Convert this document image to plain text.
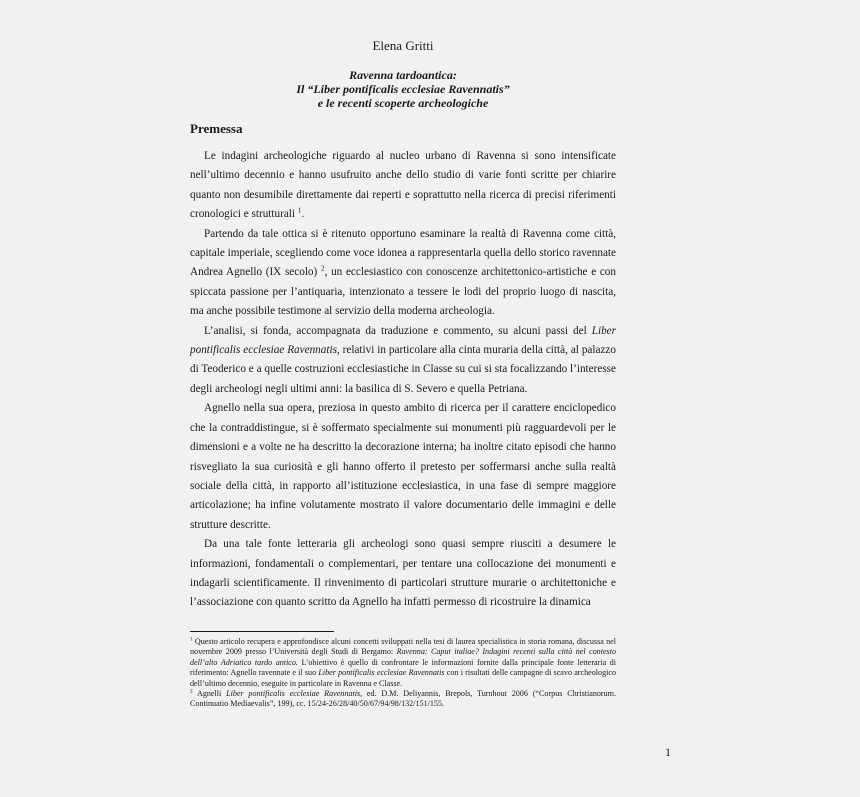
Elena Gritti
Ravenna tardoantica:
Il “Liber pontificalis ecclesiae Ravennatis”
e le recenti scoperte archeologiche
Premessa

Le indagini archeologiche riguardo al nucleo urbano di Ravenna si sono intensificate nell’ultimo decennio e hanno usufruito anche dello studio di varie fonti scritte per chiarire quanto non desumibile direttamente dai reperti e soprattutto nella ricerca di precisi riferimenti cronologici e strutturali $^1$.

Partendo da tale ottica si è ritenuto opportuno esaminare la realtà di Ravenna come città, capitale imperiale, scegliendo come voce idonea a rappresentarla quella dello storico ravennate Andrea Agnello (IX secolo) $^2$, un ecclesiastico con conoscenze architettonico-artistiche e con spiccata passione per l’antiquaria, intenzionato a tessere le lodi del proprio luogo di nascita, ma anche possibile testimone al servizio della moderna archeologia.

L’analisi, si fonda, accompagnata da traduzione e commento, su alcuni passi del Liber pontificalis ecclesiae Ravennatis, relativi in particolare alla cinta muraria della città, al palazzo di Teoderico e a quelle costruzioni ecclesiastiche in Classe su cui si sta focalizzando l’interesse degli archeologi negli ultimi anni: la basilica di S. Severo e quella Petriana.

Agnello nella sua opera, preziosa in questo ambito di ricerca per il carattere enciclopedico che la contraddistingue, si è soffermato specialmente sui monumenti più ragguardevoli per le dimensioni e a volte ne ha descritto la decorazione interna; ha inoltre citato episodi che hanno risvegliato la sua curiosità e gli hanno offerto il pretesto per soffermarsi anche sulla realtà sociale della città, in rapporto all’istituzione ecclesiastica, in una fase di sempre maggiore articolazione; ha infine volutamente mostrato il valore documentario delle immagini e delle strutture descritte.

Da una tale fonte letteraria gli archeologi sono quasi sempre riusciti a desumere le informazioni, fondamentali o complementari, per tentare una collocazione dei monumenti e indagarli scientificamente. Il rinvenimento di particolari strutture murarie o architettoniche e l’associazione con quanto scritto da Agnello ha infatti permesso di ricostruire la dinamica

$^1$ Questo articolo recupera e approfondisce alcuni concetti sviluppati nella tesi di laurea specialistica in storia romana, discussa nel novembre 2009 presso l’Università degli Studi di Bergamo: Ravenna: Caput italiae? Indagini recenti sulla città nel contesto dell’alto Adriatico tardo antico. L’obiettivo è quello di confrontare le informazioni fornite dalla principale fonte letteraria di riferimento: Agnello ravennate e il suo Liber pontificalis ecclesiae Ravennatis con i risultati delle campagne di scavo archeologico dell’ultimo decennio, eseguite in particolare in Ravenna e Classe.

$^2$ Agnelli Liber pontificalis ecclesiae Ravennatis, ed. D.M. Deliyannis, Brepols, Turnhout 2006 (“Corpus Christianorum. Continuatio Mediaevalis”, 199), cc. 15/24-26/28/40/50/67/94/98/132/151/155.

1
